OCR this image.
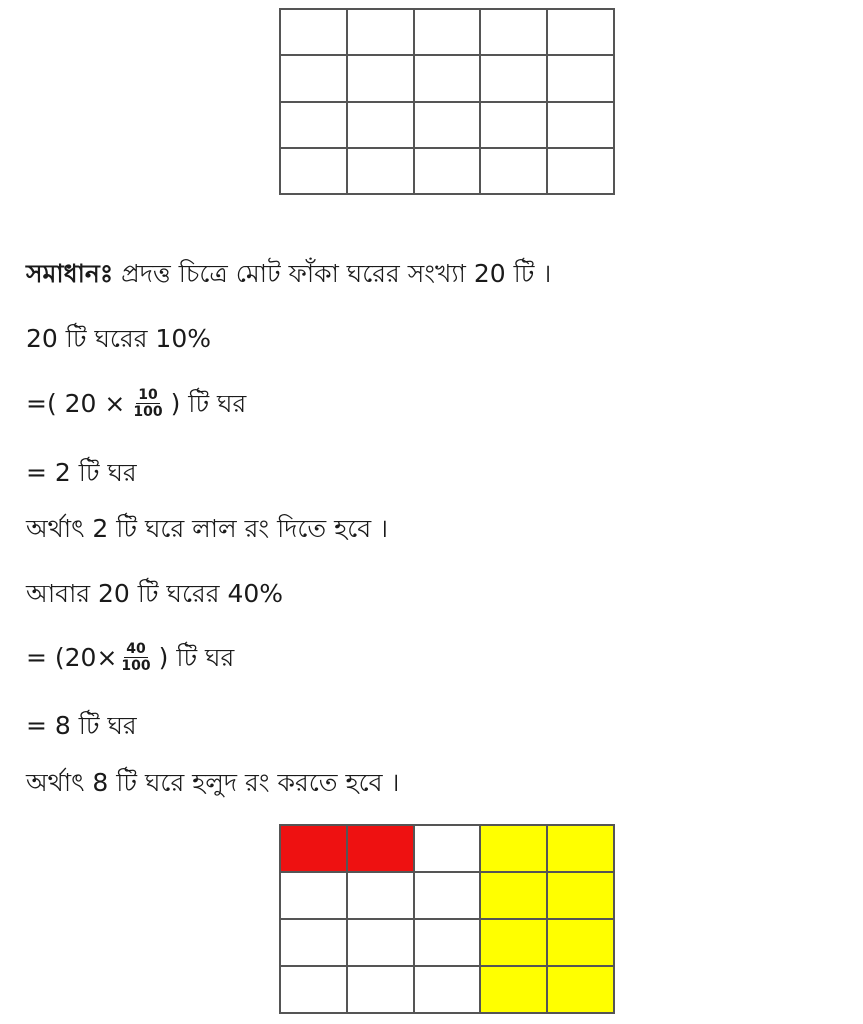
সমাধানঃ প্রদত্ত চিত্রে মোট ফাঁকা ঘরের সংখ্যা 20 টি ।
20 টি ঘরের 10%
=( $20 \times \frac{10}{100}$ ) টি ঘর
= 2 টি ঘর
অর্থাৎ 2 টি ঘরে লাল রং দিতে হবে ।
আবার 20 টি ঘরের 40%
= ($20\times \frac{40}{100}$ ) টি ঘর
= 8 টি ঘর
অর্থাৎ 8 টি ঘরে হলুদ রং করতে হবে ।
